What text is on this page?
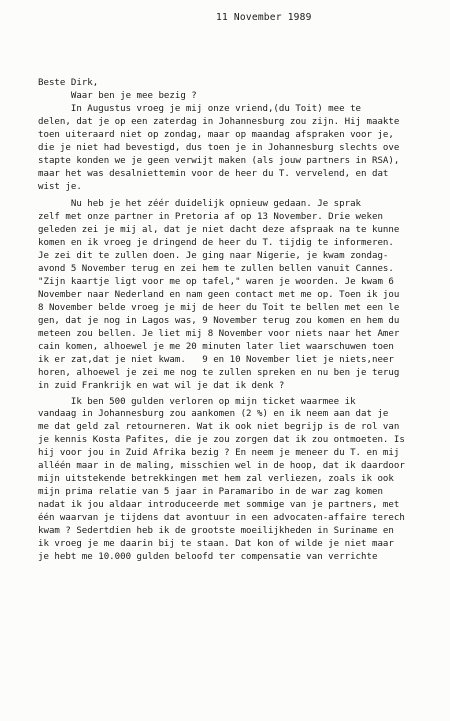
11 November 1989
Beste Dirk,
Waar ben je mee bezig ?
In Augustus vroeg je mij onze vriend,(du Toit) mee te
delen, dat je op een zaterdag in Johannesburg zou zijn. Hij maakte
toen uiteraard niet op zondag, maar op maandag afspraken voor je,
die je niet had bevestigd, dus toen je in Johannesburg slechts ove
stapte konden we je geen verwijt maken (als jouw partners in RSA),
maar het was desalniettemin voor de heer du T. vervelend, en dat
wist je.
Nu heb je het zéér duidelijk opnieuw gedaan. Je sprak
zelf met onze partner in Pretoria af op 13 November. Drie weken
geleden zei je mij al, dat je niet dacht deze afspraak na te kunne
komen en ik vroeg je dringend de heer du T. tijdig te informeren.
Je zei dit te zullen doen. Je ging naar Nigerie, je kwam zondag-
avond 5 November terug en zei hem te zullen bellen vanuit Cannes.
"Zijn kaartje ligt voor me op tafel," waren je woorden. Je kwam 6
November naar Nederland en nam geen contact met me op. Toen ik jou
8 November belde vroeg je mij de heer du Toit te bellen met een le
gen, dat je nog in Lagos was, 9 November terug zou komen en hem du
meteen zou bellen. Je liet mij 8 November voor niets naar het Amer
cain komen, alhoewel je me 20 minuten later liet waarschuwen toen
ik er zat,dat je niet kwam.   9 en 10 November liet je niets,neer
horen, alhoewel je zei me nog te zullen spreken en nu ben je terug
in zuid Frankrijk en wat wil je dat ik denk ?
Ik ben 500 gulden verloren op mijn ticket waarmee ik
vandaag in Johannesburg zou aankomen (2 %) en ik neem aan dat je
me dat geld zal retourneren. Wat ik ook niet begrijp is de rol van
je kennis Kosta Pafites, die je zou zorgen dat ik zou ontmoeten. Is
hij voor jou in Zuid Afrika bezig ? En neem je meneer du T. en mij
alléén maar in de maling, misschien wel in de hoop, dat ik daardoor
mijn uitstekende betrekkingen met hem zal verliezen, zoals ik ook
mijn prima relatie van 5 jaar in Paramaribo in de war zag komen
nadat ik jou aldaar introduceerde met sommige van je partners, met
één waarvan je tijdens dat avontuur in een advocaten-affaire terech
kwam ? Sedertdien heb ik de grootste moeilijkheden in Suriname en
ik vroeg je me daarin bij te staan. Dat kon of wilde je niet maar
je hebt me 10.000 gulden beloofd ter compensatie van verrichte
